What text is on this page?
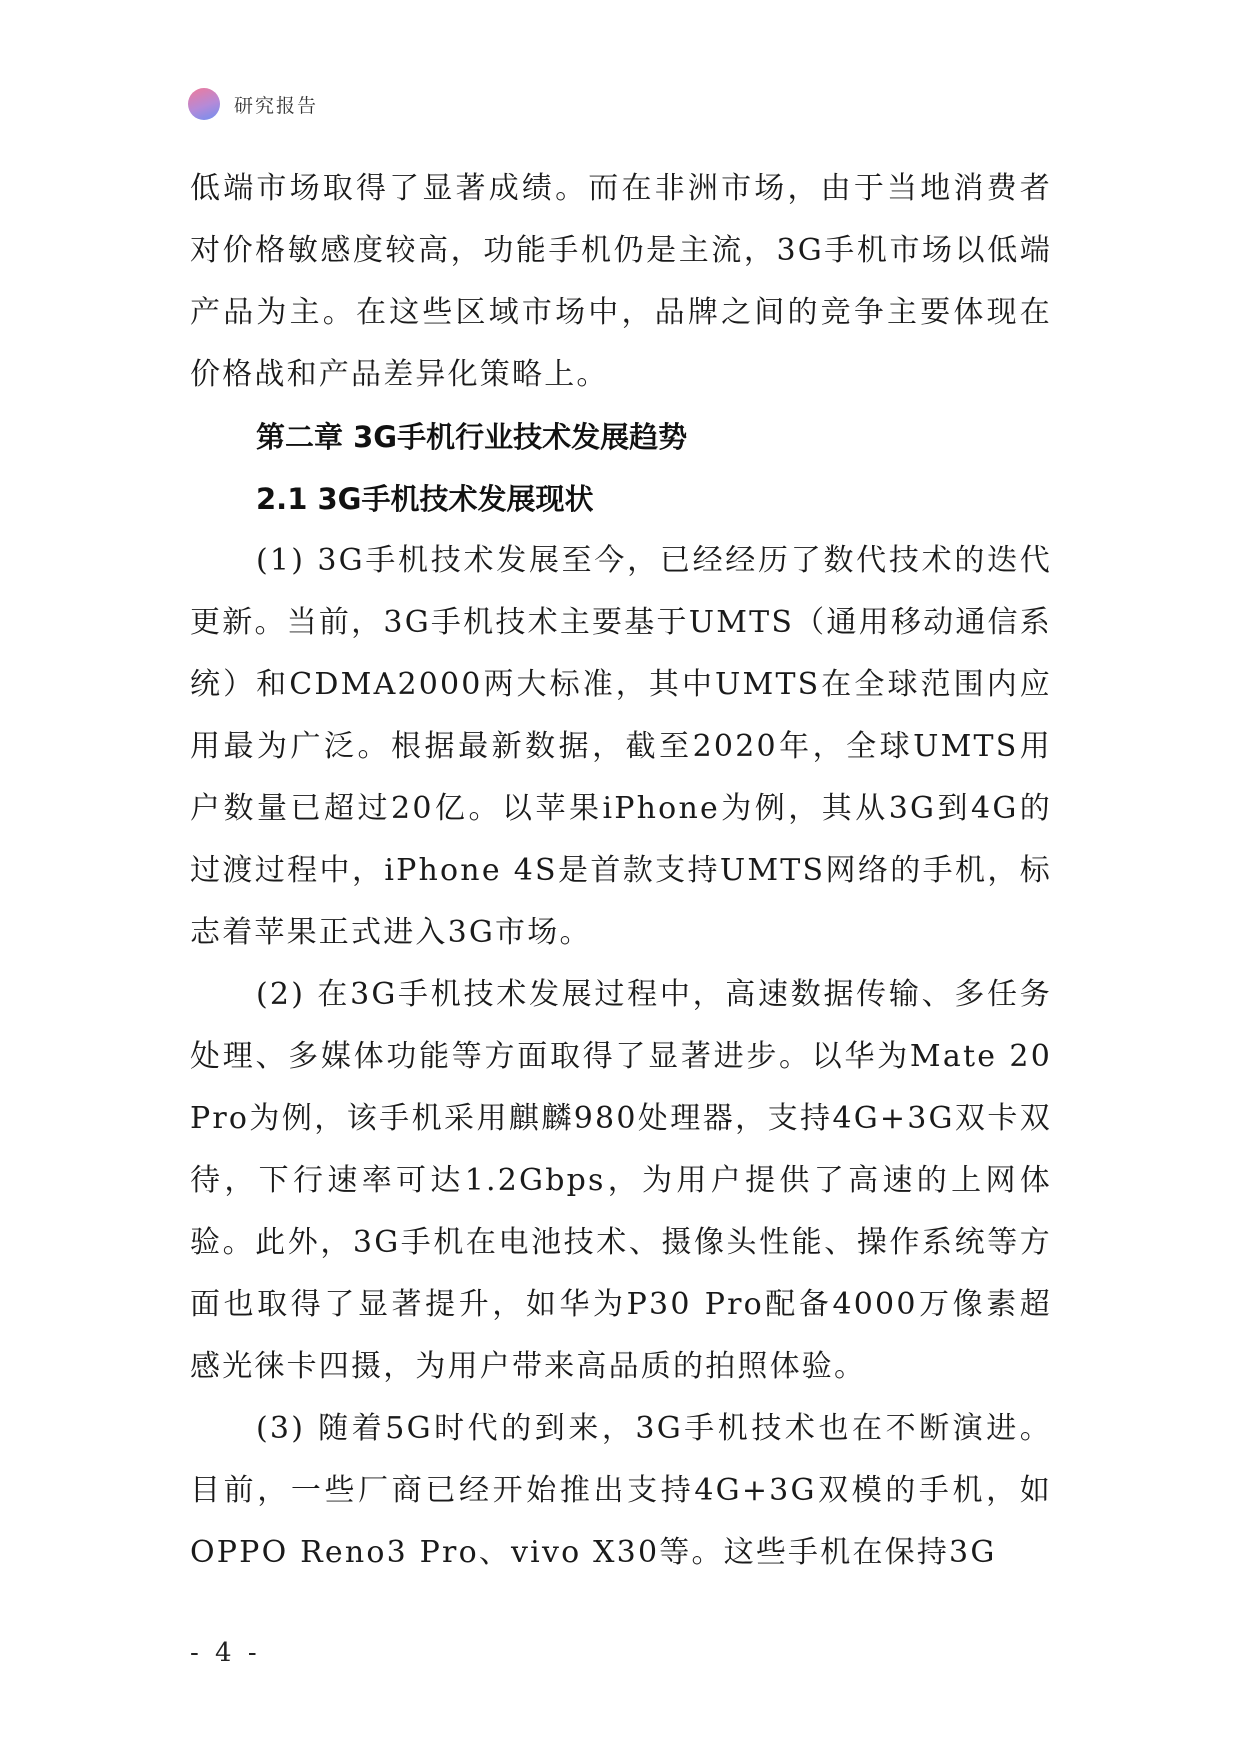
研究报告

低端市场取得了显著成绩。而在非洲市场，由于当地消费者对价格敏感度较高，功能手机仍是主流，3G手机市场以低端产品为主。在这些区域市场中，品牌之间的竞争主要体现在价格战和产品差异化策略上。

第二章 3G手机行业技术发展趋势
2.1 3G手机技术发展现状

(1) 3G手机技术发展至今，已经经历了数代技术的迭代更新。当前，3G手机技术主要基于UMTS（通用移动通信系统）和CDMA2000两大标准，其中UMTS在全球范围内应用最为广泛。根据最新数据，截至2020年，全球UMTS用户数量已超过20亿。以苹果iPhone为例，其从3G到4G的过渡过程中，iPhone 4S是首款支持UMTS网络的手机，标志着苹果正式进入3G市场。

(2) 在3G手机技术发展过程中，高速数据传输、多任务处理、多媒体功能等方面取得了显著进步。以华为Mate 20 Pro为例，该手机采用麒麟980处理器，支持4G+3G双卡双待，下行速率可达1.2Gbps，为用户提供了高速的上网体验。此外，3G手机在电池技术、摄像头性能、操作系统等方面也取得了显著提升，如华为P30 Pro配备4000万像素超感光徕卡四摄，为用户带来高品质的拍照体验。

(3) 随着5G时代的到来，3G手机技术也在不断演进。目前，一些厂商已经开始推出支持4G+3G双模的手机，如OPPO Reno3 Pro、vivo X30等。这些手机在保持3G

- 4 -
